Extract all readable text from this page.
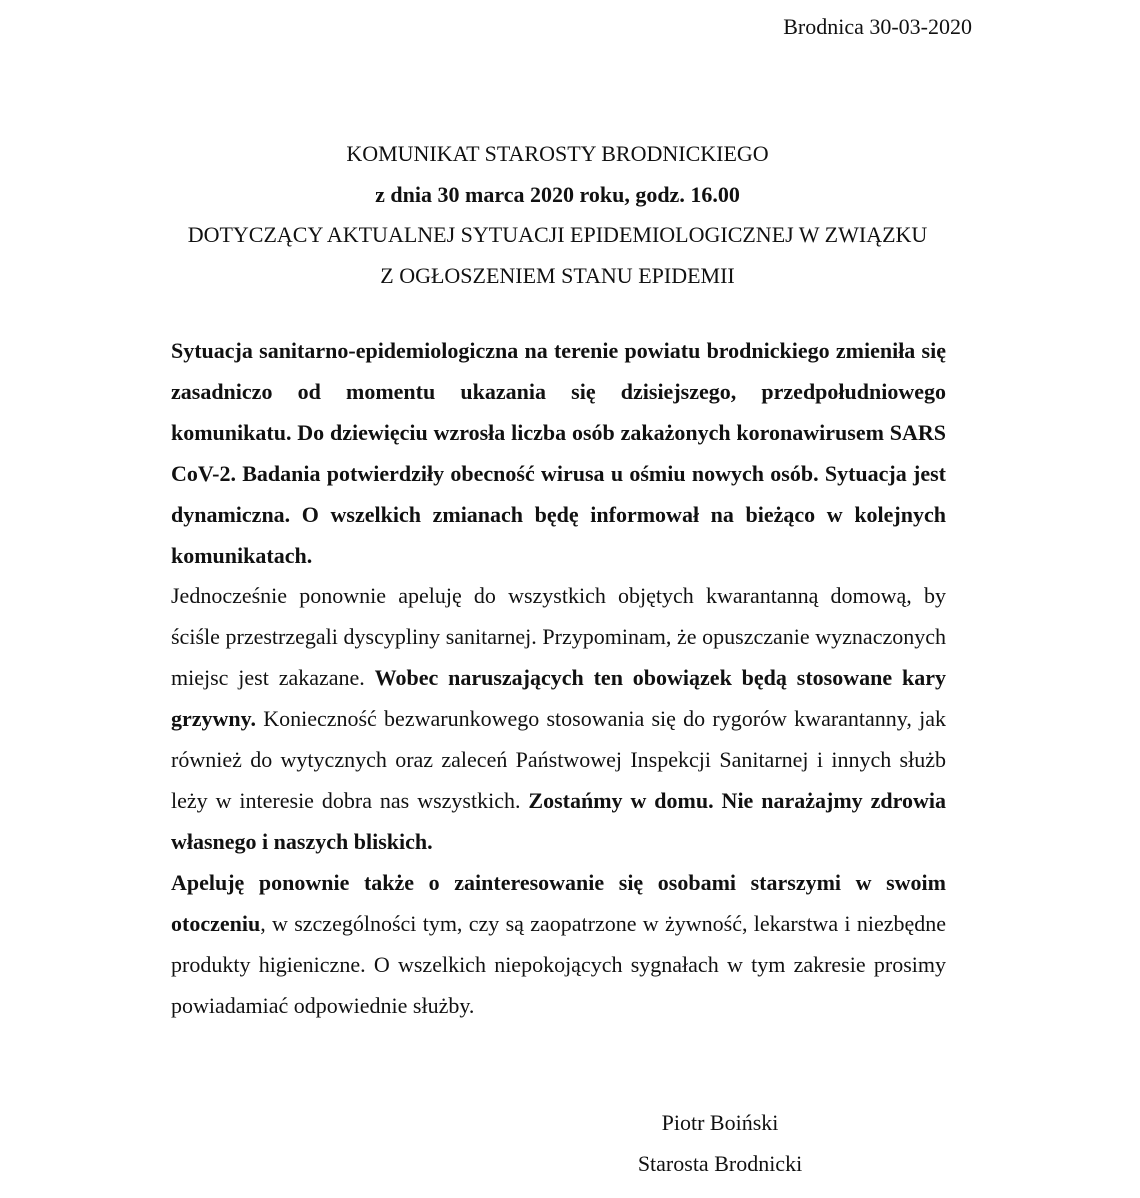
Brodnica 30-03-2020
KOMUNIKAT STAROSTY BRODNICKIEGO
z dnia 30 marca 2020 roku, godz. 16.00
DOTYCZĄCY AKTUALNEJ SYTUACJI EPIDEMIOLOGICZNEJ W ZWIĄZKU
Z OGŁOSZENIEM STANU EPIDEMII

Sytuacja sanitarno-epidemiologiczna na terenie powiatu brodnickiego zmieniła się zasadniczo od momentu ukazania się dzisiejszego, przedpołudniowego komunikatu. Do dziewięciu wzrosła liczba osób zakażonych koronawirusem SARS CoV-2. Badania potwierdziły obecność wirusa u ośmiu nowych osób. Sytuacja jest dynamiczna. O wszelkich zmianach będę informował na bieżąco w kolejnych komunikatach.

Jednocześnie ponownie apeluję do wszystkich objętych kwarantanną domową, by ściśle przestrzegali dyscypliny sanitarnej. Przypominam, że opuszczanie wyznaczonych miejsc jest zakazane. Wobec naruszających ten obowiązek będą stosowane kary grzywny. Konieczność bezwarunkowego stosowania się do rygorów kwarantanny, jak również do wytycznych oraz zaleceń Państwowej Inspekcji Sanitarnej i innych służb leży w interesie dobra nas wszystkich. Zostańmy w domu. Nie narażajmy zdrowia własnego i naszych bliskich.

Apeluję ponownie także o zainteresowanie się osobami starszymi w swoim otoczeniu, w szczególności tym, czy są zaopatrzone w żywność, lekarstwa i niezbędne produkty higieniczne. O wszelkich niepokojących sygnałach w tym zakresie prosimy powiadamiać odpowiednie służby.

Piotr Boiński
Starosta Brodnicki
